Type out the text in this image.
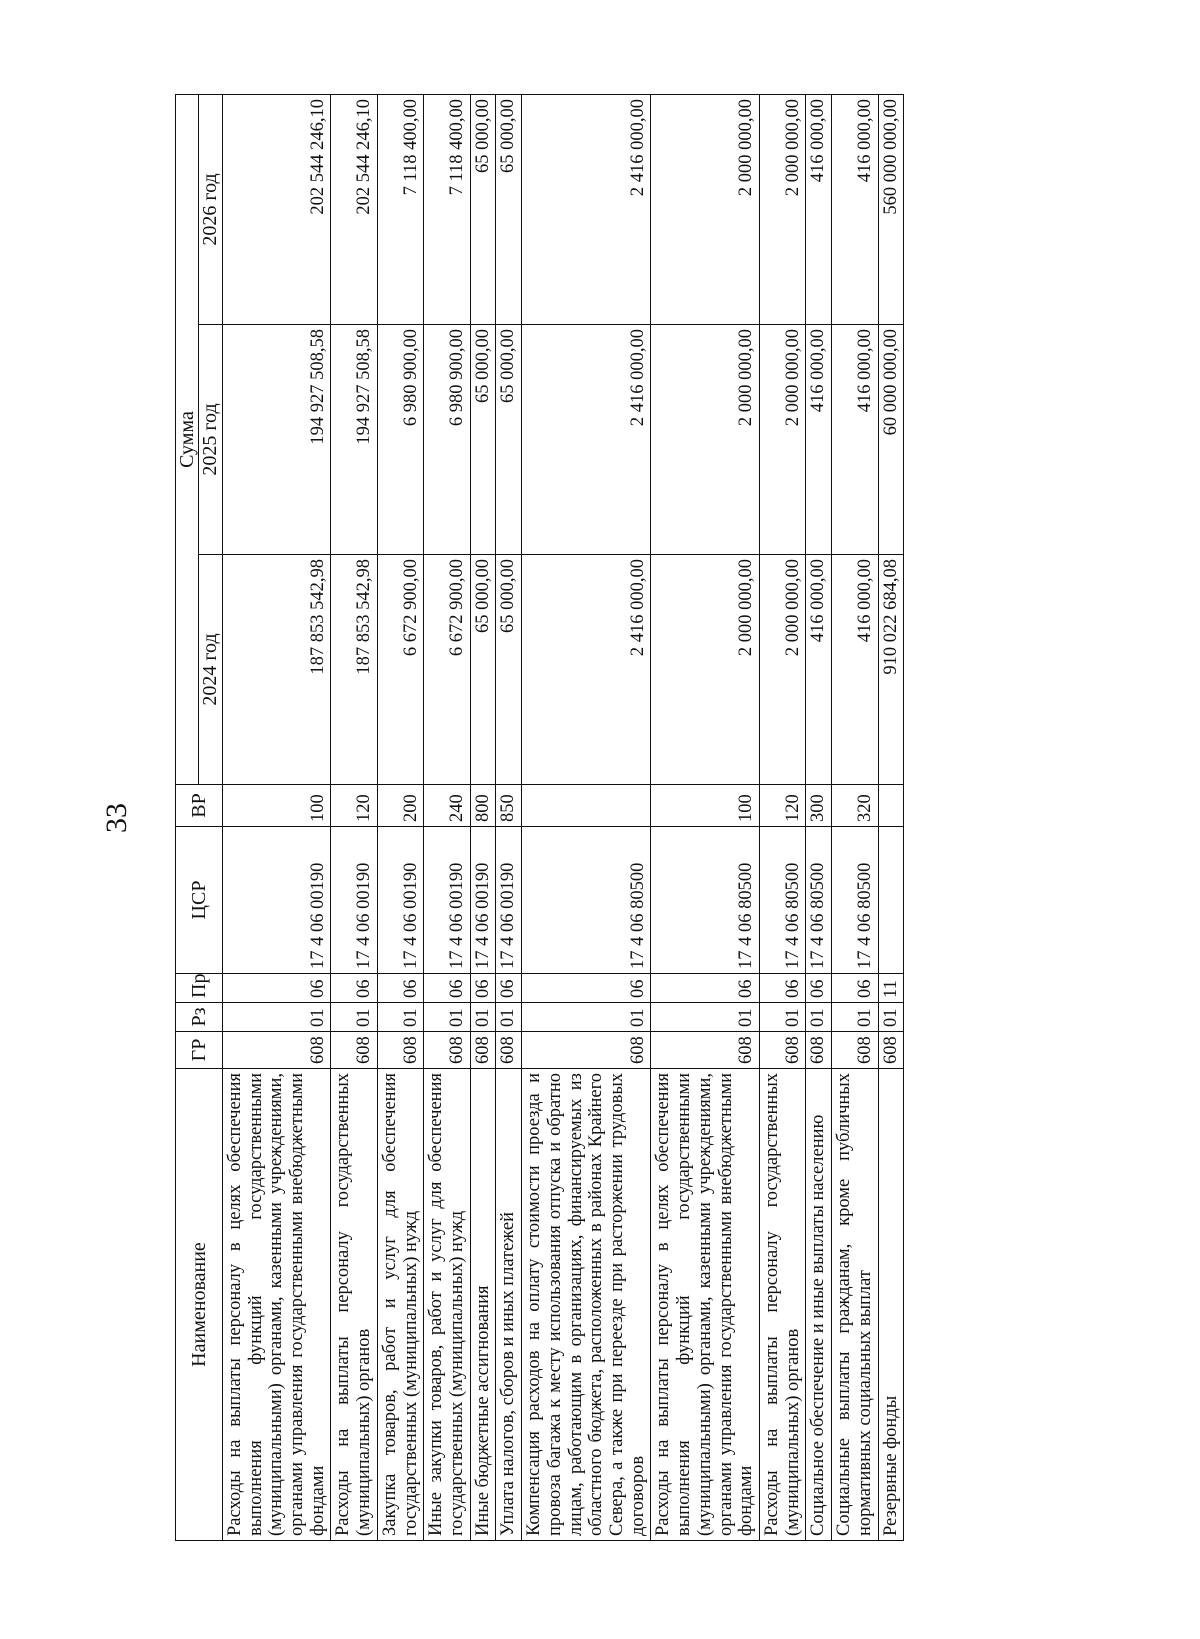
33
Наименование	ГР	Рз	Пр	ЦСР	ВР	Сумма		
						2024 год	2025 год	2026 год
Расходы на выплаты персоналу в целях обеспечения выполнения функций государственными (муниципальными) органами, казенными учреждениями, органами управления государственными внебюджетными фондами	608	01	06	17 4 06 00190	100	187 853 542,98	194 927 508,58	202 544 246,10
Расходы на выплаты персоналу государственных (муниципальных) органов	608	01	06	17 4 06 00190	120	187 853 542,98	194 927 508,58	202 544 246,10
Закупка товаров, работ и услуг для обеспечения государственных (муниципальных) нужд	608	01	06	17 4 06 00190	200	6 672 900,00	6 980 900,00	7 118 400,00
Иные закупки товаров, работ и услуг для обеспечения государственных (муниципальных) нужд	608	01	06	17 4 06 00190	240	6 672 900,00	6 980 900,00	7 118 400,00
Иные бюджетные ассигнования	608	01	06	17 4 06 00190	800	65 000,00	65 000,00	65 000,00
Уплата налогов, сборов и иных платежей	608	01	06	17 4 06 00190	850	65 000,00	65 000,00	65 000,00
Компенсация расходов на оплату стоимости проезда и провоза багажа к месту использования отпуска и обратно лицам, работающим в организациях, финансируемых из областного бюджета, расположенных в районах Крайнего Севера, а также при переезде при расторжении трудовых договоров	608	01	06	17 4 06 80500		2 416 000,00	2 416 000,00	2 416 000,00
Расходы на выплаты персоналу в целях обеспечения выполнения функций государственными (муниципальными) органами, казенными учреждениями, органами управления государственными внебюджетными фондами	608	01	06	17 4 06 80500	100	2 000 000,00	2 000 000,00	2 000 000,00
Расходы на выплаты персоналу государственных (муниципальных) органов	608	01	06	17 4 06 80500	120	2 000 000,00	2 000 000,00	2 000 000,00
Социальное обеспечение и иные выплаты населению	608	01	06	17 4 06 80500	300	416 000,00	416 000,00	416 000,00
Социальные выплаты гражданам, кроме публичных нормативных социальных выплат	608	01	06	17 4 06 80500	320	416 000,00	416 000,00	416 000,00
Резервные фонды	608	01	11			910 022 684,08	60 000 000,00	560 000 000,00
